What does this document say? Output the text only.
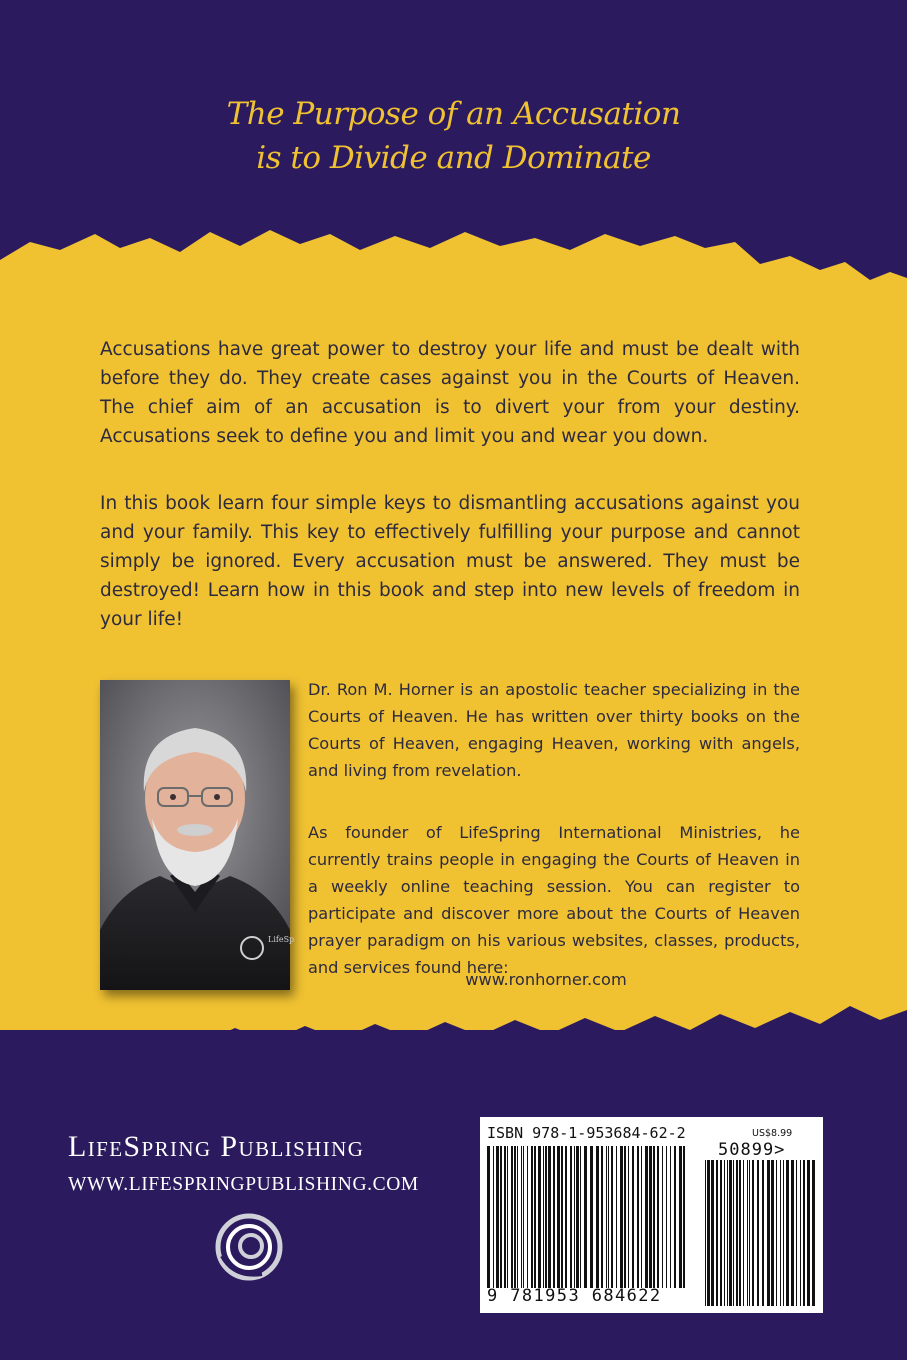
The Purpose of an Accusation
is to Divide and Dominate

Accusations have great power to destroy your life and must be dealt with before they do. They create cases against you in the Courts of Heaven. The chief aim of an accusation is to divert your from your destiny. Accusations seek to define you and limit you and wear you down.

In this book learn four simple keys to dismantling accusations against you and your family. This key to effectively fulfilling your purpose and cannot simply be ignored. Every accusation must be answered. They must be destroyed! Learn how in this book and step into new levels of freedom in your life!

LifeSp

Dr. Ron M. Horner is an apostolic teacher specializing in the Courts of Heaven. He has written over thirty books on the Courts of Heaven, engaging Heaven, working with angels, and living from revelation.

As founder of LifeSpring International Ministries, he currently trains people in engaging the Courts of Heaven in a weekly online teaching session. You can register to participate and discover more about the Courts of Heaven prayer paradigm on his various websites, classes, products, and services found here:

www.ronhorner.com
LifeSpring Publishing
WWW.LIFESPRINGPUBLISHING.COM
ISBN 978-1-953684-62-2	US$8.99
50899>
9 781953 684622
